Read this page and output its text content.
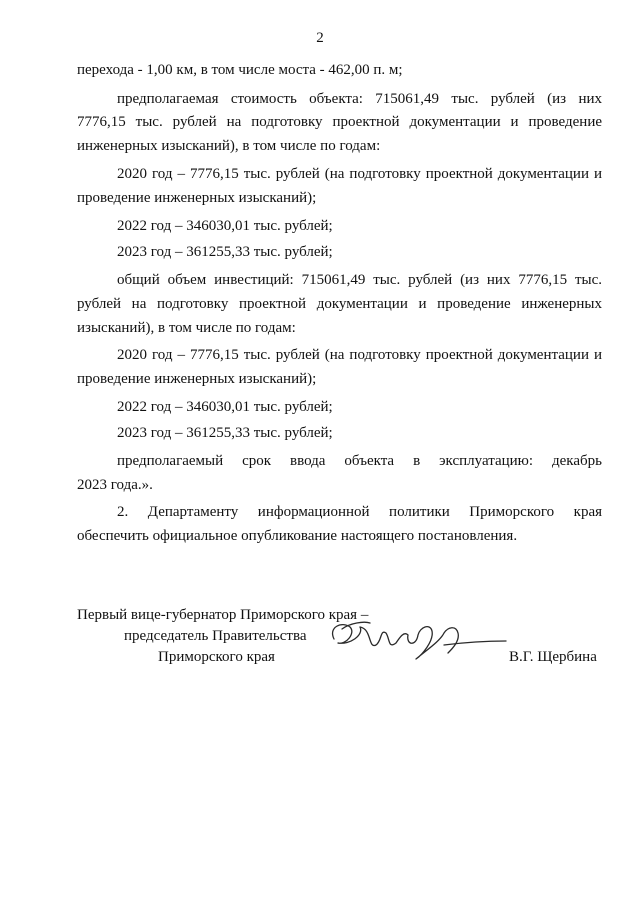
2
перехода - 1,00 км, в том числе моста - 462,00 п. м;
предполагаемая стоимость объекта: 715061,49 тыс. рублей (из них
7776,15 тыс. рублей на подготовку проектной документации и проведение
инженерных изысканий), в том числе по годам:
2020 год – 7776,15 тыс. рублей (на подготовку проектной документации и
проведение инженерных изысканий);
2022 год – 346030,01 тыс. рублей;
2023 год – 361255,33 тыс. рублей;
общий объем инвестиций: 715061,49 тыс. рублей (из них 7776,15 тыс.
рублей на подготовку проектной документации и проведение инженерных
изысканий), в том числе по годам:
2020 год – 7776,15 тыс. рублей (на подготовку проектной документации и
проведение инженерных изысканий);
2022 год – 346030,01 тыс. рублей;
2023 год – 361255,33 тыс. рублей;
предполагаемый срок ввода объекта в эксплуатацию: декабрь
2023 года.».
2. Департаменту информационной политики Приморского края
обеспечить официальное опубликование настоящего постановления.
Первый вице-губернатор Приморского края –
председатель Правительства
Приморского края	В.Г. Щербина
